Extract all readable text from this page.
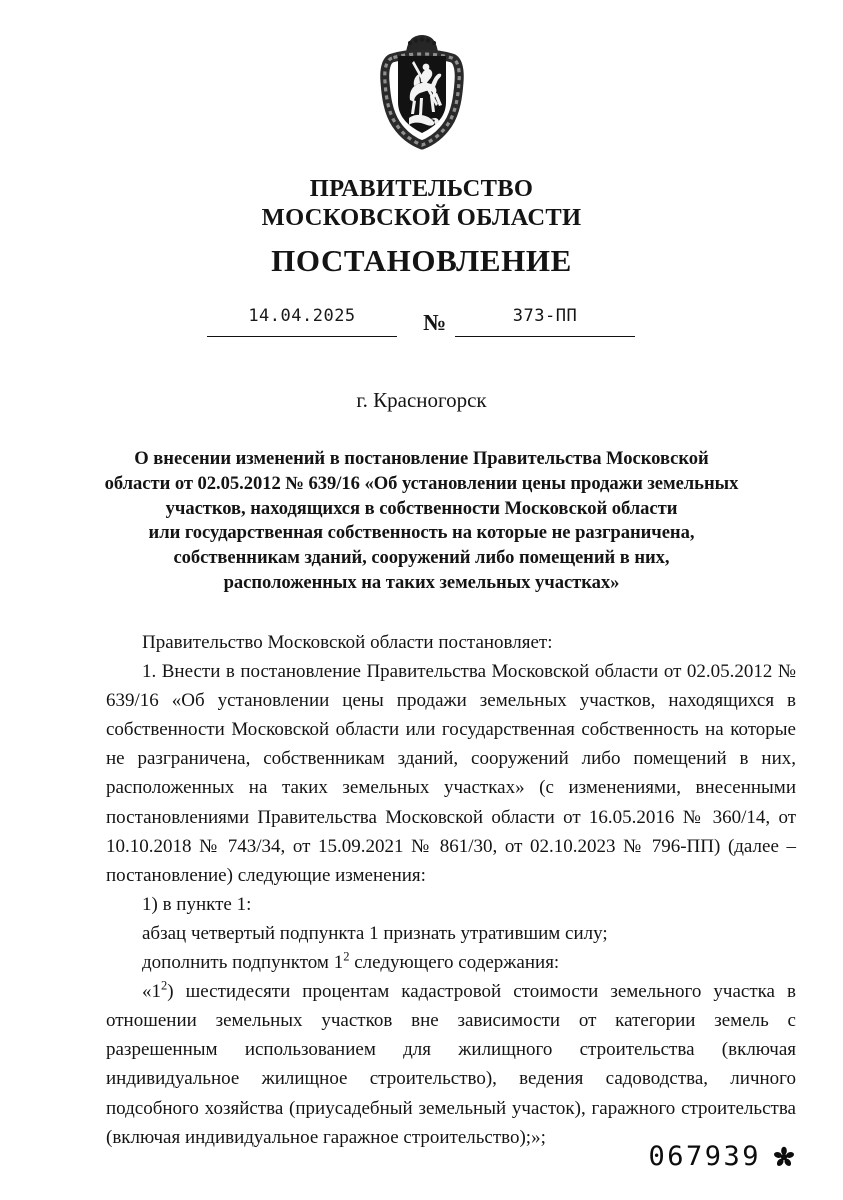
ПРАВИТЕЛЬСТВО
МОСКОВСКОЙ ОБЛАСТИ
ПОСТАНОВЛЕНИЕ
14.04.2025	№	373-ПП
г. Красногорск
О внесении изменений в постановление Правительства Московской
области от 02.05.2012 № 639/16 «Об установлении цены продажи земельных
участков, находящихся в собственности Московской области
или государственная собственность на которые не разграничена,
собственникам зданий, сооружений либо помещений в них,
расположенных на таких земельных участках»

Правительство Московской области постановляет:

1. Внести в постановление Правительства Московской области от 02.05.2012 № 639/16 «Об установлении цены продажи земельных участков, находящихся в собственности Московской области или государственная собственность на которые не разграничена, собственникам зданий, сооружений либо помещений в них, расположенных на таких земельных участках» (с изменениями, внесенными постановлениями Правительства Московской области от 16.05.2016 № 360/14, от 10.10.2018 № 743/34, от 15.09.2021 № 861/30, от 02.10.2023 № 796-ПП) (далее – постановление) следующие изменения:

1) в пункте 1:

абзац четвертый подпункта 1 признать утратившим силу;

дополнить подпунктом $1^2$ следующего содержания:

«$1^2$) шестидесяти процентам кадастровой стоимости земельного участка в отношении земельных участков вне зависимости от категории земель с разрешенным использованием для жилищного строительства (включая индивидуальное жилищное строительство), ведения садоводства, личного подсобного хозяйства (приусадебный земельный участок), гаражного строительства (включая индивидуальное гаражное строительство);»;

067939
